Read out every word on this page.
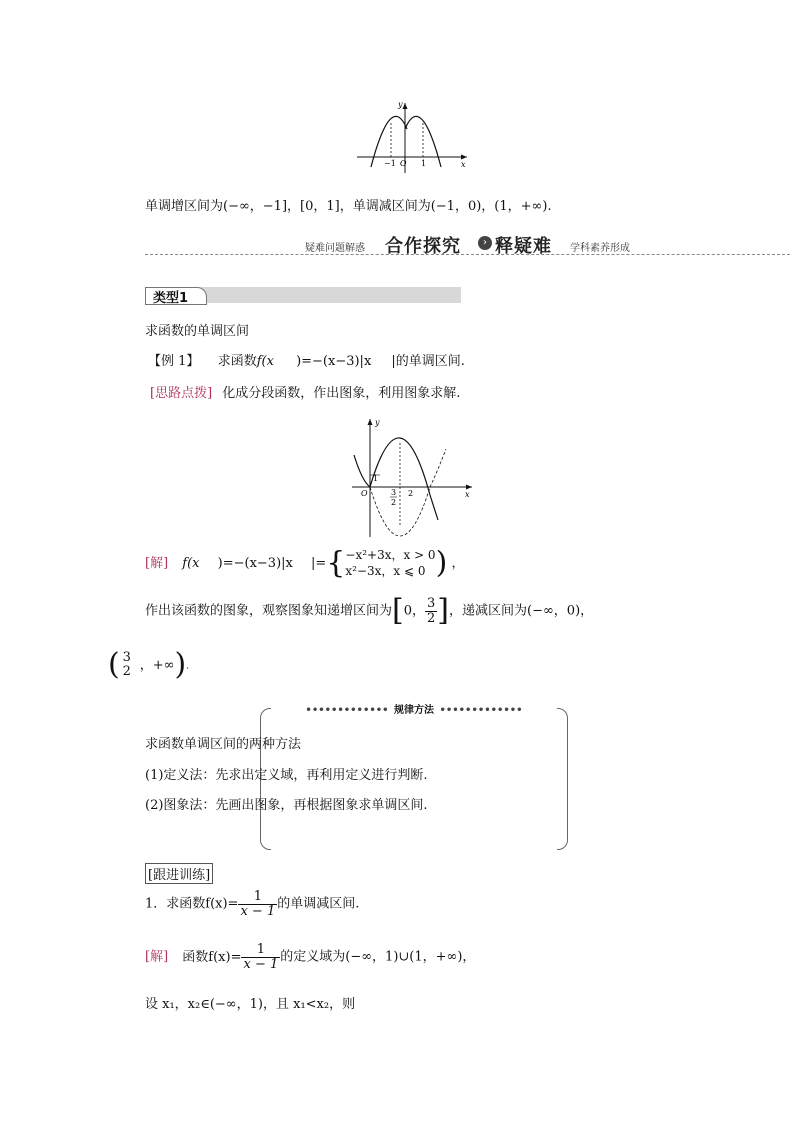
y
x
O
−1	1
单调增区间为(−∞，−1]，[0，1]，单调减区间为(−1，0)，(1，+∞).
疑难问题解惑 合作探究	› 释疑难 学科素养形成
类型1
求函数的单调区间
【例 1】 求函数f(x )=−(x−3)|x |的单调区间.
[思路点拨] 化成分段函数，作出图象，利用图象求解.
y
x
O
1
2
3
2
[解] f(x )=−(x−3)|x |={ −x²+3x，x > 0
x²−3x，x ⩽ 0 ) ，
作出该函数的图象，观察图象知递增区间为[0， $\frac{3}{2}$ ]，递减区间为(−∞，0)，
( 3
2 ，+∞).
••••••••••••• 规律方法 •••••••••••••
求函数单调区间的两种方法
(1)定义法：先求出定义域，再利用定义进行判断.
(2)图象法：先画出图象，再根据图象求单调区间.
[跟进训练]
1．求函数$f(x)= \frac{1}{x - 1}$ 的单调减区间.
[解] 函数$f(x)= \frac{1}{x - 1}$ 的定义域为(−∞，1)∪(1，+∞)，
设 x₁，x₂∈(−∞，1)，且 x₁<x₂，则
